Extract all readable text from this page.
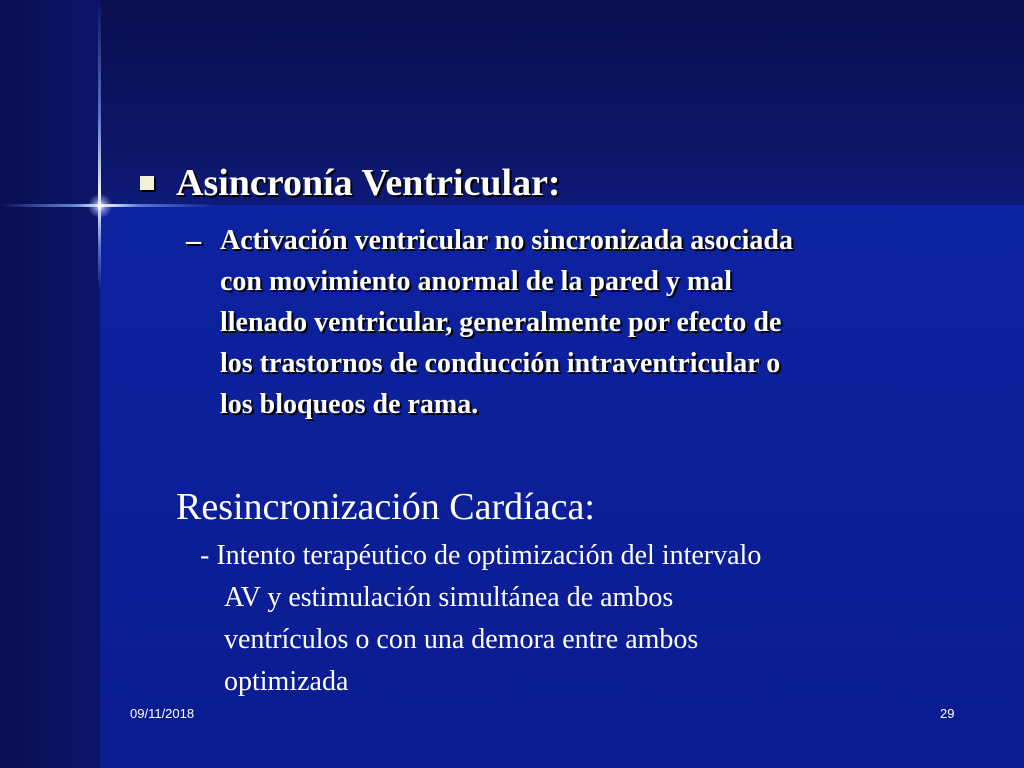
Asincronía Ventricular:
– Activación ventricular no sincronizada asociada
con movimiento anormal de la pared y mal
llenado ventricular, generalmente por efecto de
los trastornos de conducción intraventricular o
los bloqueos de rama.
Resincronización Cardíaca:
- Intento terapéutico de optimización del intervalo
AV y estimulación simultánea de ambos
ventrículos o con una demora entre ambos
optimizada
09/11/2018	29
